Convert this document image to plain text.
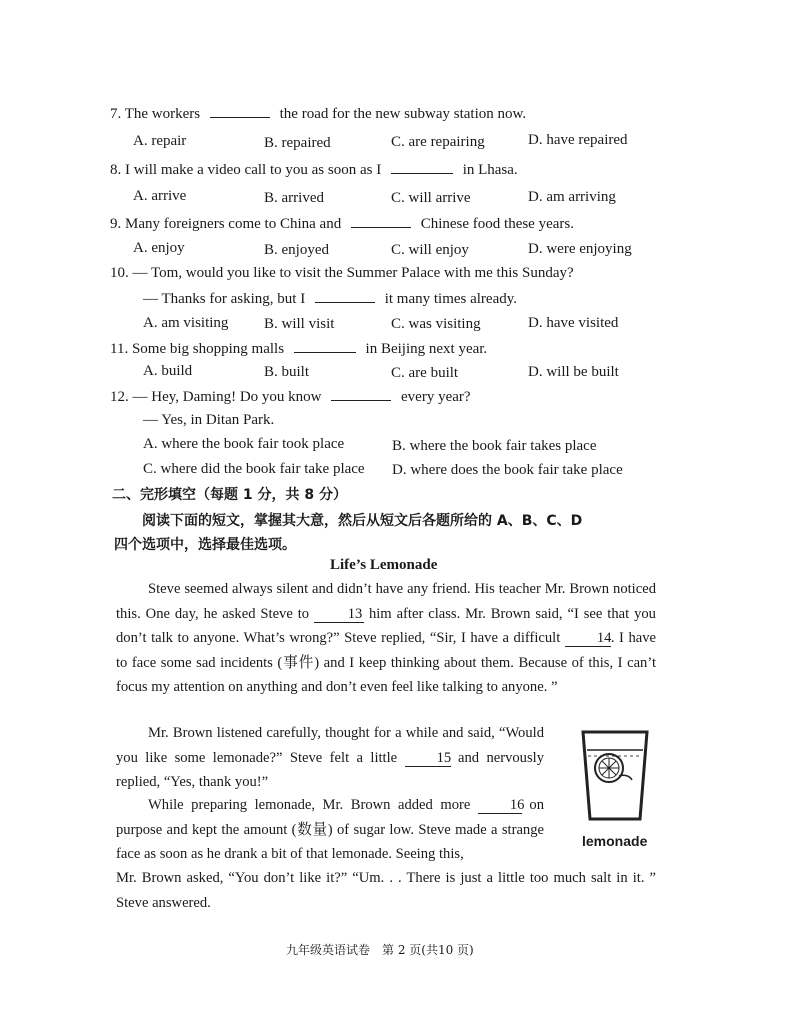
7. The workers	the road for the new subway station now.
A. repair	B. repaired	C. are repairing	D. have repaired
8. I will make a video call to you as soon as I	in Lhasa.
A. arrive	B. arrived	C. will arrive	D. am arriving
9. Many foreigners come to China and	Chinese food these years.
A. enjoy	B. enjoyed	C. will enjoy	D. were enjoying
10. — Tom, would you like to visit the Summer Palace with me this Sunday?
— Thanks for asking, but I	it many times already.
A. am visiting B. will visit	C. was visiting	D. have visited
11. Some big shopping malls	in Beijing next year.
A. build	B. built	C. are built	D. will be built
12. — Hey, Daming! Do you know	every year?
— Yes, in Ditan Park.
A. where the book fair took place	B. where the book fair takes place
C. where did the book fair take place D. where does the book fair take place
二、完形填空（每题 1 分，共 8 分）
阅读下面的短文，掌握其大意，然后从短文后各题所给的 A、B、C、D
四个选项中，选择最佳选项。
Life’s Lemonade

Steve seemed always silent and didn’t have any friend. His teacher Mr. Brown noticed this. One day, he asked Steve to	13 him after class. Mr. Brown said, “I see that you don’t talk to anyone. What’s wrong?” Steve replied, “Sir, I have a difficult	14. I have to face some sad incidents (事件) and I keep thinking about them. Because of this, I can’t focus my attention on anything and don’t even feel like talking to anyone. ”

Mr. Brown listened carefully, thought for a while and said, “Would you like some lemonade?” Steve felt a little	15 and nervously replied, “Yes, thank you!”

While preparing lemonade, Mr. Brown added more	16 on purpose and kept the amount (数量) of sugar low. Steve made a strange face as soon as he drank a bit of that lemonade. Seeing this,

Mr. Brown asked, “You don’t like it?” “Um. . . There is just a little too much salt in it. ” Steve answered.
lemonade
九年级英语试卷　第 2 页(共10 页)
